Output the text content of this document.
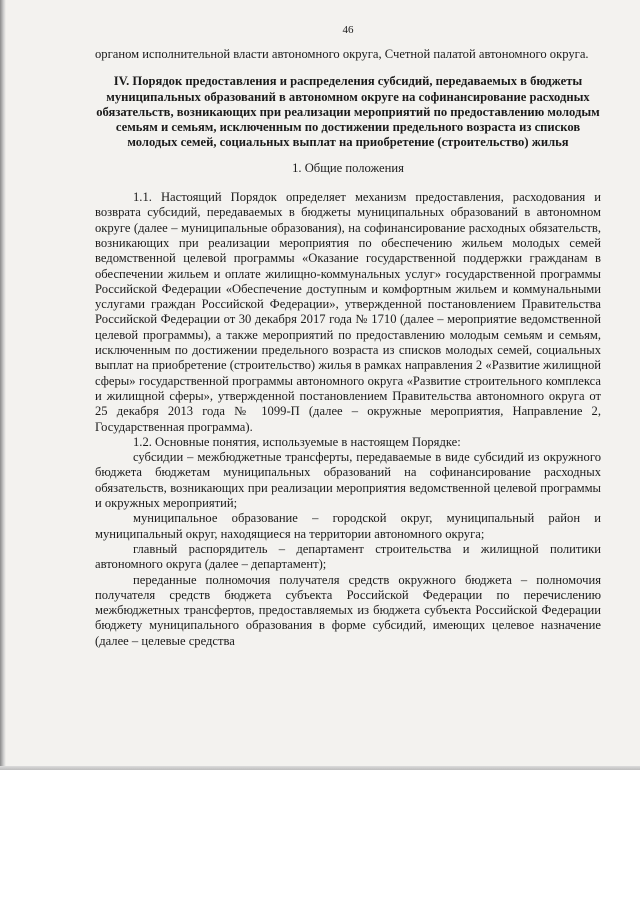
46

органом исполнительной власти автономного округа, Счетной палатой автономного округа.

IV. Порядок предоставления и распределения субсидий, передаваемых в бюджеты муниципальных образований в автономном округе на софинансирование расходных обязательств, возникающих при реализации мероприятий по предоставлению молодым семьям и семьям, исключенным по достижении предельного возраста из списков молодых семей, социальных выплат на приобретение (строительство) жилья
1. Общие положения

1.1. Настоящий Порядок определяет механизм предоставления, расходования и возврата субсидий, передаваемых в бюджеты муниципальных образований в автономном округе (далее – муниципальные образования), на софинансирование расходных обязательств, возникающих при реализации мероприятия по обеспечению жильем молодых семей ведомственной целевой программы «Оказание государственной поддержки гражданам в обеспечении жильем и оплате жилищно-коммунальных услуг» государственной программы Российской Федерации «Обеспечение доступным и комфортным жильем и коммунальными услугами граждан Российской Федерации», утвержденной постановлением Правительства Российской Федерации от 30 декабря 2017 года № 1710 (далее – мероприятие ведомственной целевой программы), а также мероприятий по предоставлению молодым семьям и семьям, исключенным по достижении предельного возраста из списков молодых семей, социальных выплат на приобретение (строительство) жилья в рамках направления 2 «Развитие жилищной сферы» государственной программы автономного округа «Развитие строительного комплекса и жилищной сферы», утвержденной постановлением Правительства автономного округа от 25 декабря 2013 года № 1099-П (далее – окружные мероприятия, Направление 2, Государственная программа).

1.2. Основные понятия, используемые в настоящем Порядке:

субсидии – межбюджетные трансферты, передаваемые в виде субсидий из окружного бюджета бюджетам муниципальных образований на софинансирование расходных обязательств, возникающих при реализации мероприятия ведомственной целевой программы и окружных мероприятий;

муниципальное образование – городской округ, муниципальный район и муниципальный округ, находящиеся на территории автономного округа;

главный распорядитель – департамент строительства и жилищной политики автономного округа (далее – департамент);

переданные полномочия получателя средств окружного бюджета – полномочия получателя средств бюджета субъекта Российской Федерации по перечислению межбюджетных трансфертов, предоставляемых из бюджета субъекта Российской Федерации бюджету муниципального образования в форме субсидий, имеющих целевое назначение (далее – целевые средства
